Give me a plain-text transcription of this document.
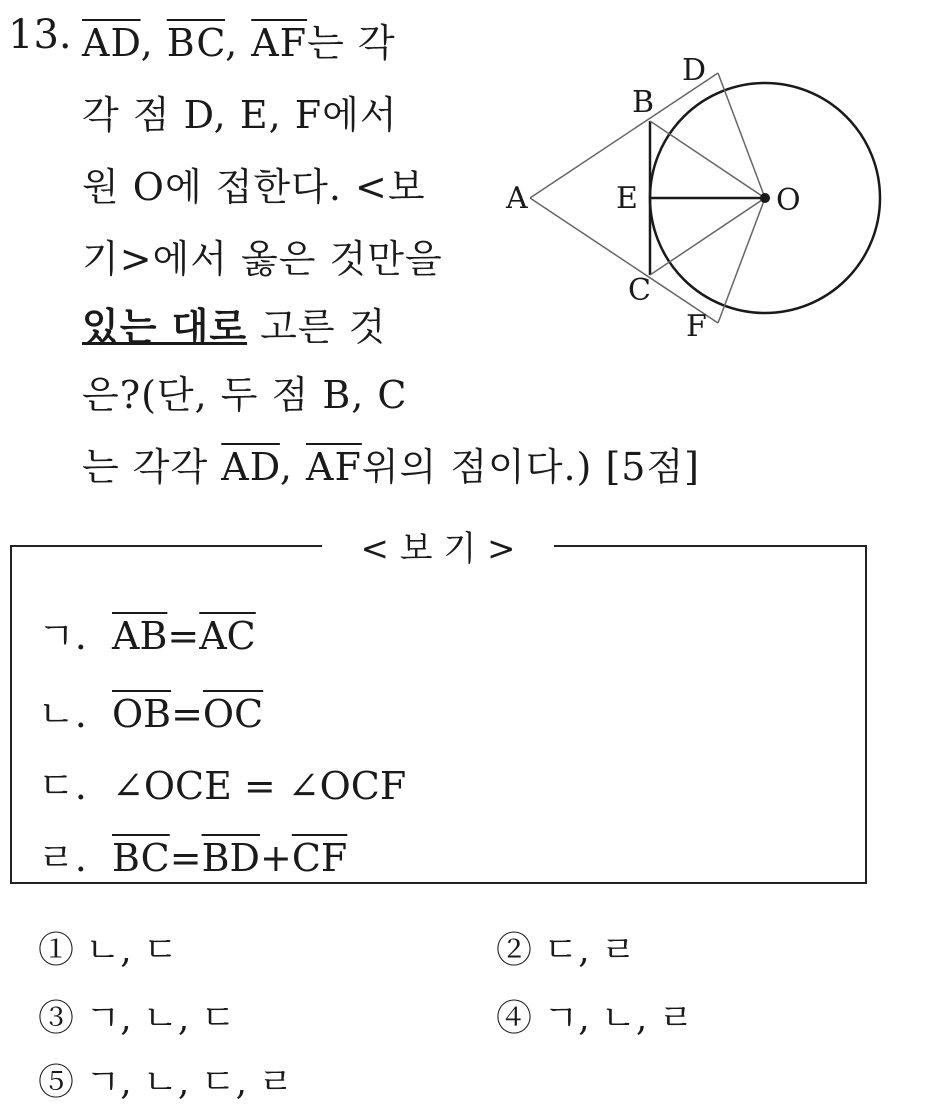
13. $\overline{AD}$, $\overline{BC}$, $\overline{AF}$는 각
각 점 D, E, F에서
원 O에 접한다. <보
기>에서 옳은 것만을
있는 대로 고른 것
은?(단, 두 점 B, C
는 각각 $\overline{AD}$, $\overline{AF}$위의 점이다.) [5점]
A
B
C
D
E
F
O
< 보 기 >
ㄱ. $\overline{AB}=\overline{AC}$
ㄴ. $\overline{OB}=\overline{OC}$
ㄷ. ∠OCE = ∠OCF
ㄹ. $\overline{BC}=\overline{BD}+\overline{CF}$
① ㄴ, ㄷ	② ㄷ, ㄹ
③ ㄱ, ㄴ, ㄷ	④ ㄱ, ㄴ, ㄹ
⑤ ㄱ, ㄴ, ㄷ, ㄹ
